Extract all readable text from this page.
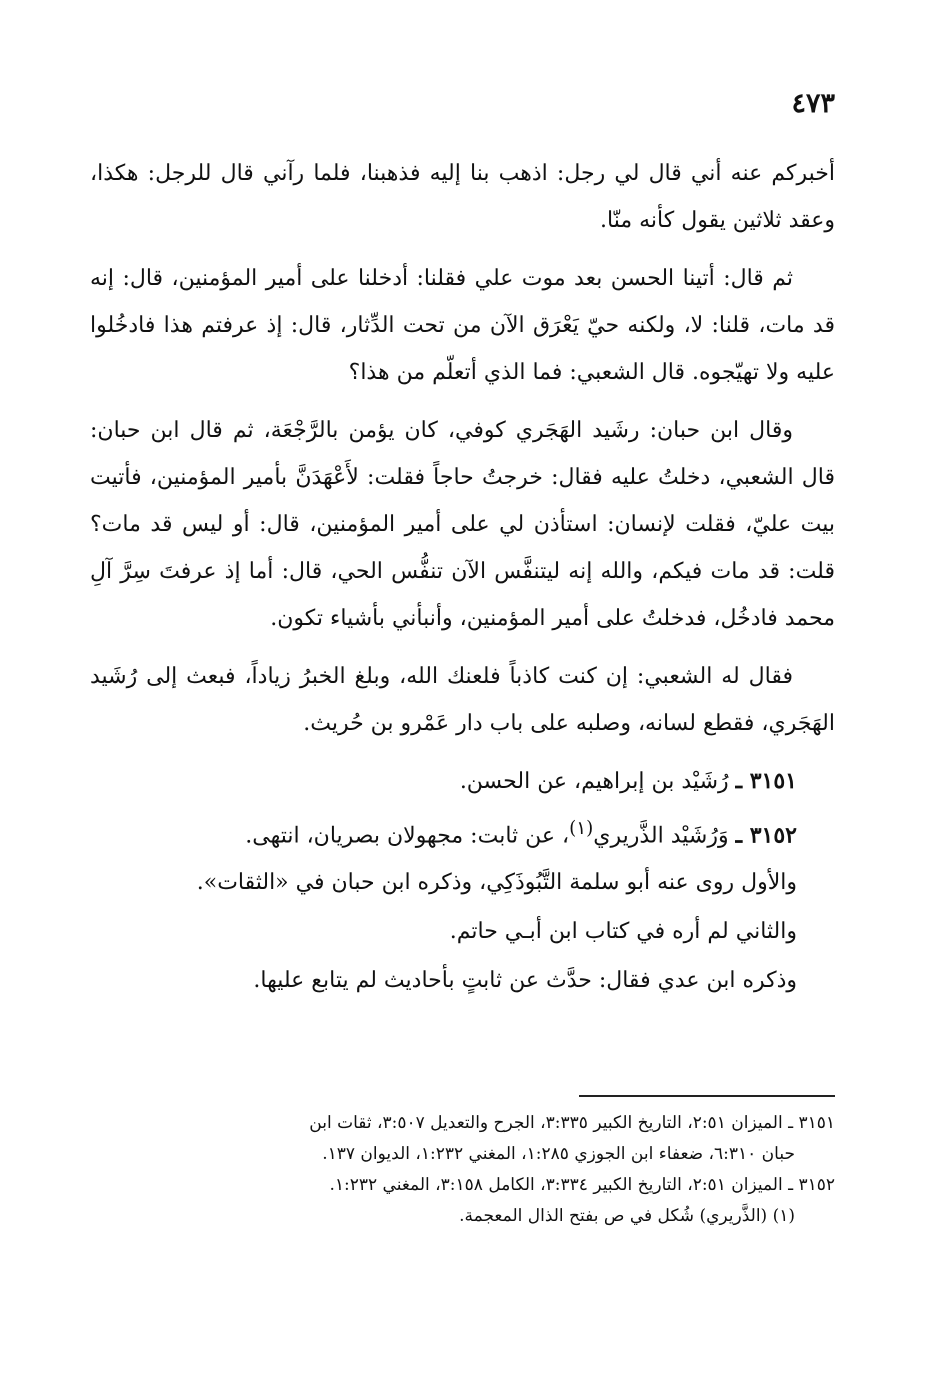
٤٧٣

أخبركم عنه أني قال لي رجل: اذهب بنا إليه فذهبنا، فلما رآني قال للرجل: هكذا، وعقد ثلاثين يقول كأنه منّا.

ثم قال: أتينا الحسن بعد موت علي فقلنا: أدخلنا على أمير المؤمنين، قال: إنه قد مات، قلنا: لا، ولكنه حيّ يَعْرَق الآن من تحت الدِّثار، قال: إذ عرفتم هذا فادخُلوا عليه ولا تهيّجوه. قال الشعبي: فما الذي أتعلّم من هذا؟

وقال ابن حبان: رشَيد الهَجَري كوفي، كان يؤمن بالرَّجْعَة، ثم قال ابن حبان: قال الشعبي، دخلتُ عليه فقال: خرجتُ حاجاً فقلت: لأَعْهَدَنَّ بأمير المؤمنين، فأتيت بيت عليّ، فقلت لإنسان: استأذن لي على أمير المؤمنين، قال: أو ليس قد مات؟ قلت: قد مات فيكم، والله إنه ليتنفَّس الآن تنفُّس الحي، قال: أما إذ عرفتَ سِرَّ آلِ محمد فادخُل، فدخلتُ على أمير المؤمنين، وأنبأني بأشياء تكون.

فقال له الشعبي: إن كنت كاذباً فلعنك الله، وبلغ الخبرُ زياداً، فبعث إلى رُشَيد الهَجَري، فقطع لسانه، وصلبه على باب دار عَمْرو بن حُريث.

٣١٥١ ـ رُشَيْد بن إبراهيم، عن الحسن.

٣١٥٢ ـ وَرُشَيْد الذَّريري$^{(١)}$، عن ثابت: مجهولان بصريان، انتهى.

والأول روى عنه أبو سلمة التَّبُوذَكِي، وذكره ابن حبان في «الثقات».

والثاني لم أره في كتاب ابن أبـي حاتم.

وذكره ابن عدي فقال: حدَّث عن ثابتٍ بأحاديث لم يتابع عليها.

٣١٥١ ـ الميزان ٢:٥١، التاريخ الكبير ٣:٣٣٥، الجرح والتعديل ٣:٥٠٧، ثقات ابن

حبان ٦:٣١٠، ضعفاء ابن الجوزي ١:٢٨٥، المغني ١:٢٣٢، الديوان ١٣٧.

٣١٥٢ ـ الميزان ٢:٥١، التاريخ الكبير ٣:٣٣٤، الكامل ٣:١٥٨، المغني ١:٢٣٢.

(١) (الذَّريري) شُكل في ص بفتح الذال المعجمة.
